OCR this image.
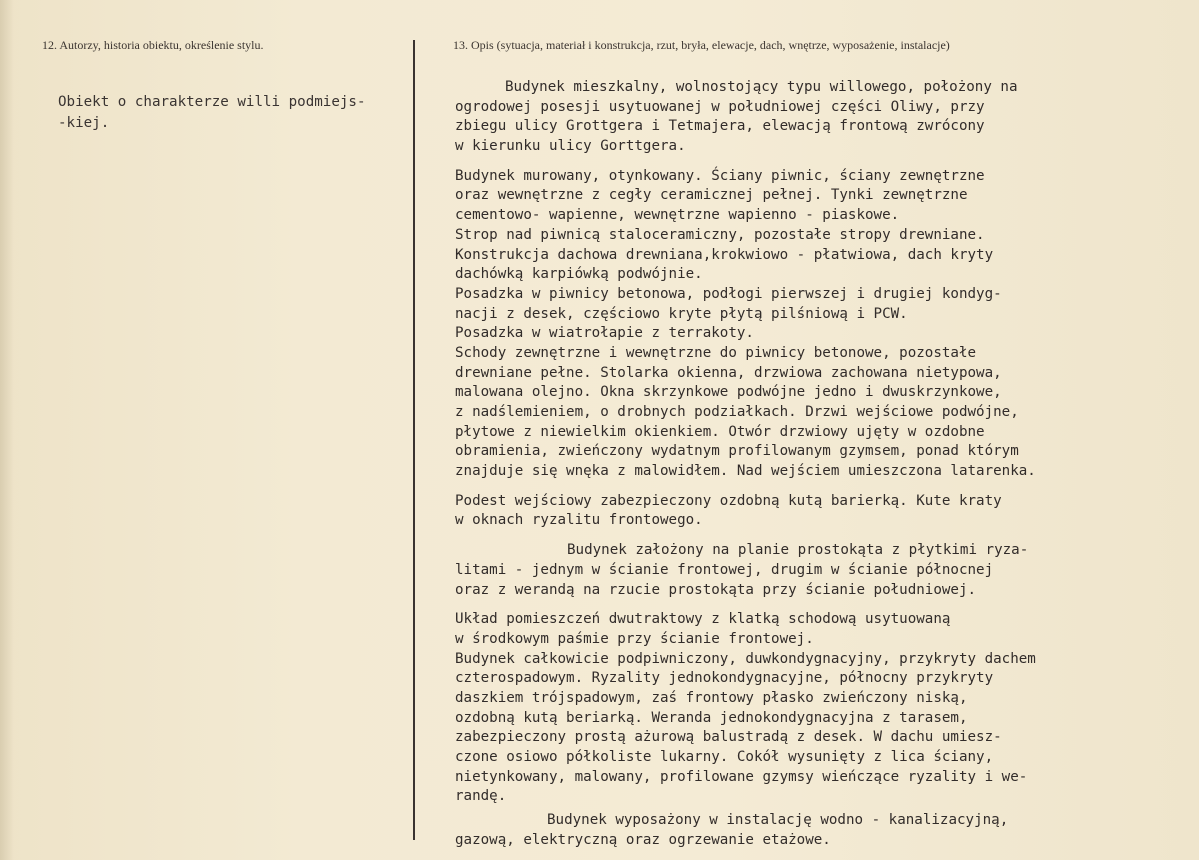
12. Autorzy, historia obiektu, określenie stylu.	13. Opis (sytuacja, materiał i konstrukcja, rzut, bryła, elewacje, dach, wnętrze, wyposażenie, instalacje)
Obiekt o charakterze willi podmiejs-
-kiej.
Budynek mieszkalny, wolnostojący typu willowego, położony na
ogrodowej posesji usytuowanej w południowej części Oliwy, przy
zbiegu ulicy Grottgera i Tetmajera, elewacją frontową zwrócony
w kierunku ulicy Gorttgera.
Budynek murowany, otynkowany. Ściany piwnic, ściany zewnętrzne
oraz wewnętrzne z cegły ceramicznej pełnej. Tynki zewnętrzne
cementowo- wapienne, wewnętrzne wapienno - piaskowe.
Strop nad piwnicą staloceramiczny, pozostałe stropy drewniane.
Konstrukcja dachowa drewniana,krokwiowo - płatwiowa, dach kryty
dachówką karpiówką podwójnie.
Posadzka w piwnicy betonowa, podłogi pierwszej i drugiej kondyg-
nacji z desek, częściowo kryte płytą pilśniową i PCW.
Posadzka w wiatrołapie z terrakoty.
Schody zewnętrzne i wewnętrzne do piwnicy betonowe, pozostałe
drewniane pełne. Stolarka okienna, drzwiowa zachowana nietypowa,
malowana olejno. Okna skrzynkowe podwójne jedno i dwuskrzynkowe,
z nadślemieniem, o drobnych podziałkach. Drzwi wejściowe podwójne,
płytowe z niewielkim okienkiem. Otwór drzwiowy ujęty w ozdobne
obramienia, zwieńczony wydatnym profilowanym gzymsem, ponad którym
znajduje się wnęka z malowidłem. Nad wejściem umieszczona latarenka.
Podest wejściowy zabezpieczony ozdobną kutą barierką. Kute kraty
w oknach ryzalitu frontowego.
Budynek założony na planie prostokąta z płytkimi ryza-
litami - jednym w ścianie frontowej, drugim w ścianie północnej
oraz z werandą na rzucie prostokąta przy ścianie południowej.
Układ pomieszczeń dwutraktowy z klatką schodową usytuowaną
w środkowym paśmie przy ścianie frontowej.
Budynek całkowicie podpiwniczony, duwkondygnacyjny, przykryty dachem
czterospadowym. Ryzality jednokondygnacyjne, północny przykryty
daszkiem trójspadowym, zaś frontowy płasko zwieńczony niską,
ozdobną kutą beriarką. Weranda jednokondygnacyjna z tarasem,
zabezpieczony prostą ażurową balustradą z desek. W dachu umiesz-
czone osiowo półkoliste lukarny. Cokół wysunięty z lica ściany,
nietynkowany, malowany, profilowane gzymsy wieńczące ryzality i we-
randę.
Budynek wyposażony w instalację wodno - kanalizacyjną,
gazową, elektryczną oraz ogrzewanie etażowe.
